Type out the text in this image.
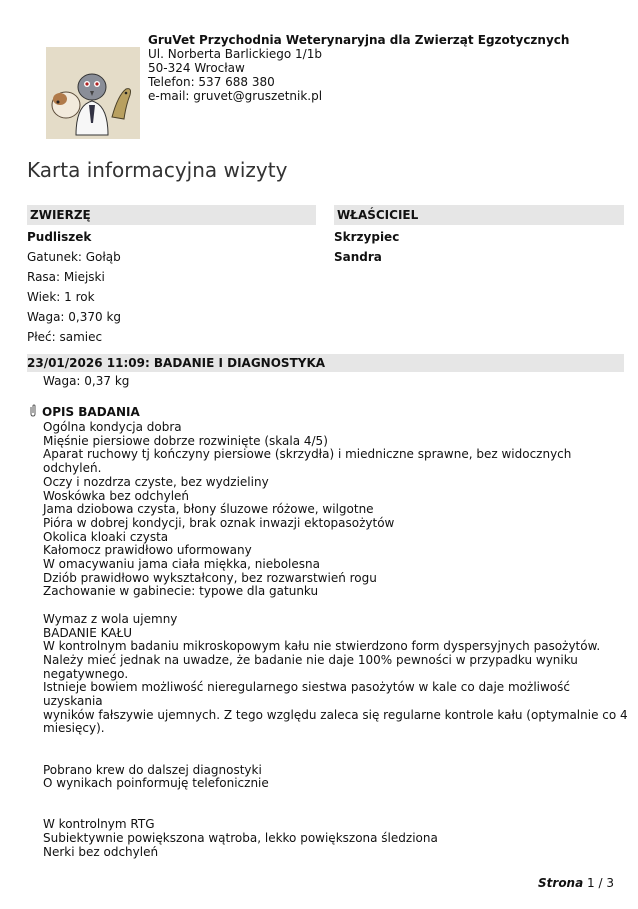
GruVet Przychodnia Weterynaryjna dla Zwierząt Egzotycznych
Ul. Norberta Barlickiego 1/1b
50-324 Wrocław
Telefon: 537 688 380
e-mail: gruvet@gruszetnik.pl
Karta informacyjna wizyty
ZWIERZĘ	WŁAŚCICIEL
Pudliszek
Gatunek: Gołąb
Rasa: Miejski
Wiek: 1 rok
Waga: 0,370 kg
Płeć: samiec
Skrzypiec
Sandra
23/01/2026 11:09: BADANIE I DIAGNOSTYKA
Waga: 0,37 kg
OPIS BADANIA
Ogólna kondycja dobra
Mięśnie piersiowe dobrze rozwinięte (skala 4/5)
Aparat ruchowy tj kończyny piersiowe (skrzydła) i miedniczne sprawne, bez widocznych odchyleń.
Oczy i nozdrza czyste, bez wydzieliny
Woskówka bez odchyleń
Jama dziobowa czysta, błony śluzowe różowe, wilgotne
Pióra w dobrej kondycji, brak oznak inwazji ektopasożytów
Okolica kloaki czysta
Kałomocz prawidłowo uformowany
W omacywaniu jama ciała miękka, niebolesna
Dziób prawidłowo wykształcony, bez rozwarstwień rogu
Zachowanie w gabinecie: typowe dla gatunku

Wymaz z wola ujemny
BADANIE KAŁU
W kontrolnym badaniu mikroskopowym kału nie stwierdzono form dyspersyjnych pasożytów.
Należy mieć jednak na uwadze, że badanie nie daje 100% pewności w przypadku wyniku negatywnego.
Istnieje bowiem możliwość nieregularnego siestwa pasożytów w kale co daje możliwość uzyskania
wyników fałszywie ujemnych. Z tego względu zaleca się regularne kontrole kału (optymalnie co 4
miesięcy).

Pobrano krew do dalszej diagnostyki
O wynikach poinformuję telefonicznie

W kontrolnym RTG
Subiektywnie powiększona wątroba, lekko powiększona śledziona
Nerki bez odchyleń
Strona 1 / 3
